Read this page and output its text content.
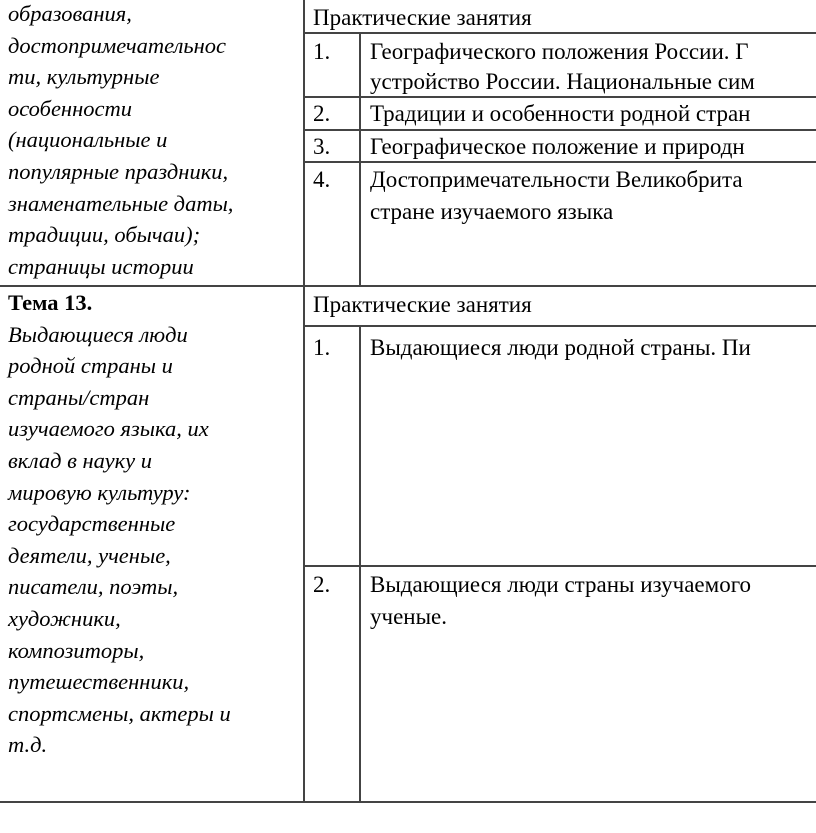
образования,
достопримечательнос
ти, культурные
особенности
(национальные и
популярные праздники,
знаменательные даты,
традиции, обычаи);
страницы истории
Практические занятия
1. Географического положения России. Г
устройство России. Национальные сим
2. Традиции и особенности родной стран
3. Географическое положение и природн
4. Достопримечательности Великобрита
стране изучаемого языка
Тема 13.
Выдающиеся люди
родной страны и
страны/стран
изучаемого языка, их
вклад в науку и
мировую культуру:
государственные
деятели, ученые,
писатели, поэты,
художники,
композиторы,
путешественники,
спортсмены, актеры и
т.д.
Практические занятия
1. Выдающиеся люди родной страны. Пи
2. Выдающиеся люди страны изучаемого
ученые.
